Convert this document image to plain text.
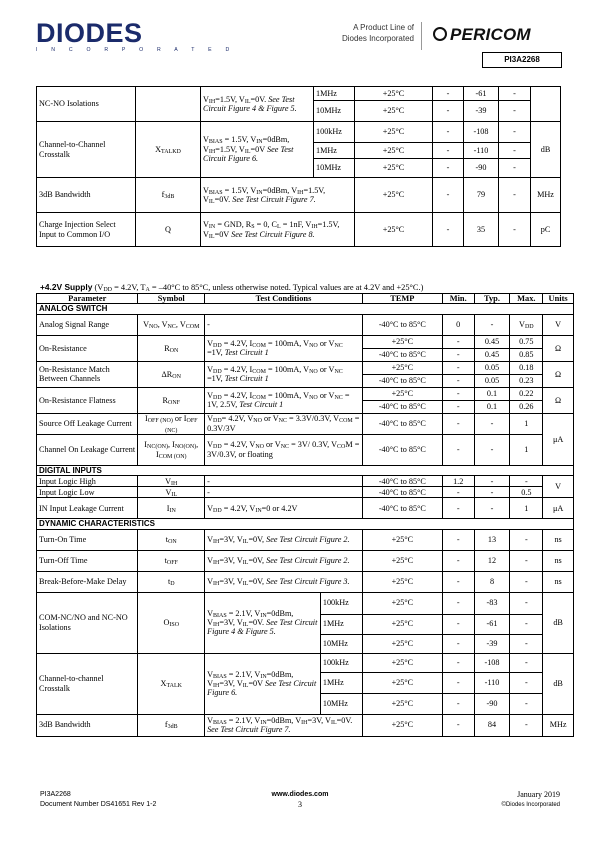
DIODES
I N C O R P O R A T E D
A Product Line of
Diodes Incorporated	PERICOM
PI3A2268
NC-NO Isolations		$V_{IH}=1.5V$, $V_{IL}=0V$. See Test Circuit Figure 4 & Figure 5.	1MHz	+25°C	-	-61	-	
			10MHz	+25°C	-	-39	-	
Channel-to-Channel Crosstalk	$X_{TALKD}$	$V_{BIAS} = 1.5V$, $V_{IN}=0dBm$, $V_{IH}=1.5V$, $V_{IL}=0V$ See Test Circuit Figure 6.	100kHz	+25°C	-	-108	-	dB
			1MHz	+25°C	-	-110	-	
			10MHz	+25°C	-	-90	-	
3dB Bandwidth	$f_{3dB}$	$V_{BIAS} = 1.5V$, $V_{IN}=0dBm$, $V_{IH}=1.5V$, $V_{IL}=0V$. See Test Circuit Figure 7.		+25°C	-	79	-	MHz
Charge Injection Select Input to Common I/O	Q	$V_{IN}$ = GND, $R_S = 0$, $C_L = 1nF$, $V_{IH}=1.5V$, $V_{IL}=0V$ See Test Circuit Figure 8.		+25°C	-	35	-	pC
+4.2V Supply ($V_{DD} = 4.2V$, $T_A = -40^\circ C$ to 85°C, unless otherwise noted. Typical values are at 4.2V and +25°C.)
Parameter	Symbol	Test Conditions		TEMP	Min.	Typ.	Max.	Units
ANALOG SWITCH								
Analog Signal Range	$V_{NO}$, $V_{NC}$, $V_{COM}$	-		-40°C to 85°C	0	-	$V_{DD}$	V
On-Resistance	$R_{ON}$	$V_{DD} = 4.2V$, $I_{COM} = 100mA$, $V_{NO}$ or $V_{NC} =1V$, Test Circuit 1		+25°C	-	0.45	0.75	Ω
				-40°C to 85°C	-	0.45	0.85	
On-Resistance Match Between Channels	$\Delta R_{ON}$	$V_{DD} = 4.2V$, $I_{COM} = 100mA$, $V_{NO}$ or $V_{NC} =1V$, Test Circuit 1		+25°C	-	0.05	0.18	Ω
				-40°C to 85°C	-	0.05	0.23	
On-Resistance Flatness	$R_{ONF}$	$V_{DD} = 4.2V$, $I_{COM} = 100mA$, $V_{NO}$ or $V_{NC} = 1V$, 2.5V, Test Circuit 1		+25°C	-	0.1	0.22	Ω
				-40°C to 85°C	-	0.1	0.26	
Source Off Leakage Current	$I_{OFF (NO)}$ or $I_{OFF (NC)}$	$V_{DD}= 4.2V$, $V_{NO}$ or $V_{NC} = 3.3V/0.3V$, $V_{COM} = 0.3V/3V$		-40°C to 85°C	-	-	1	μA
Channel On Leakage Current	$I_{NC(ON)}$, $I_{NO(ON)}$, $I_{COM (ON)}$	$V_{DD} = 4.2V$, $V_{NO}$ or $V_{NC} = 3V/$ 0.3V, $V_{CO}M = 3V/0.3V$, or floating		-40°C to 85°C	-	-	1	
DIGITAL INPUTS								
Input Logic High	$V_{IH}$	-		-40°C to 85°C	1.2	-	-	V
Input Logic Low	$V_{IL}$	-		-40°C to 85°C	-	-	0.5	
IN Input Leakage Current	$I_{IN}$	$V_{DD} = 4.2V$, $V_{IN}=0$ or 4.2V		-40°C to 85°C	-	-	1	μA
DYNAMIC CHARACTERISTICS								
Turn-On Time	$t_{ON}$	$V_{IH}=3V$, $V_{IL}=0V$, See Test Circuit Figure 2.		+25°C	-	13	-	ns
Turn-Off Time	$t_{OFF}$	$V_{IH}=3V$, $V_{IL}=0V$, See Test Circuit Figure 2.		+25°C	-	12	-	ns
Break-Before-Make Delay	$t_D$	$V_{IH}=3V$, $V_{IL}=0V$, See Test Circuit Figure 3.		+25°C	-	8	-	ns
COM-NC/NO and NC-NO Isolations	$O_{ISO}$	$V_{BIAS} = 2.1V$, $V_{IN}=0dBm$, $V_{IH}=3V$, $V_{IL}=0V$. See Test Circuit Figure 4 & Figure 5.	100kHz	+25°C	-	-83	-	dB
			1MHz	+25°C	-	-61	-	
			10MHz	+25°C	-	-39	-	
Channel-to-channel Crosstalk	$X_{TALK}$	$V_{BIAS} = 2.1V$, $V_{IN}=0dBm$, $V_{IH}=3V$, $V_{IL}=0V$ See Test Circuit Figure 6.	100kHz	+25°C	-	-108	-	dB
			1MHz	+25°C	-	-110	-	
			10MHz	+25°C	-	-90	-	
3dB Bandwidth	$f_{3dB}$	$V_{BIAS} = 2.1V$, $V_{IN}=0dBm$, $V_{IH}=3V$, $V_{IL}=0V$. See Test Circuit Figure 7.		+25°C	-	84	-	MHz
PI3A2268
Document Number DS41651 Rev 1-2
www.diodes.com
3
January 2019
©Diodes Incorporated
